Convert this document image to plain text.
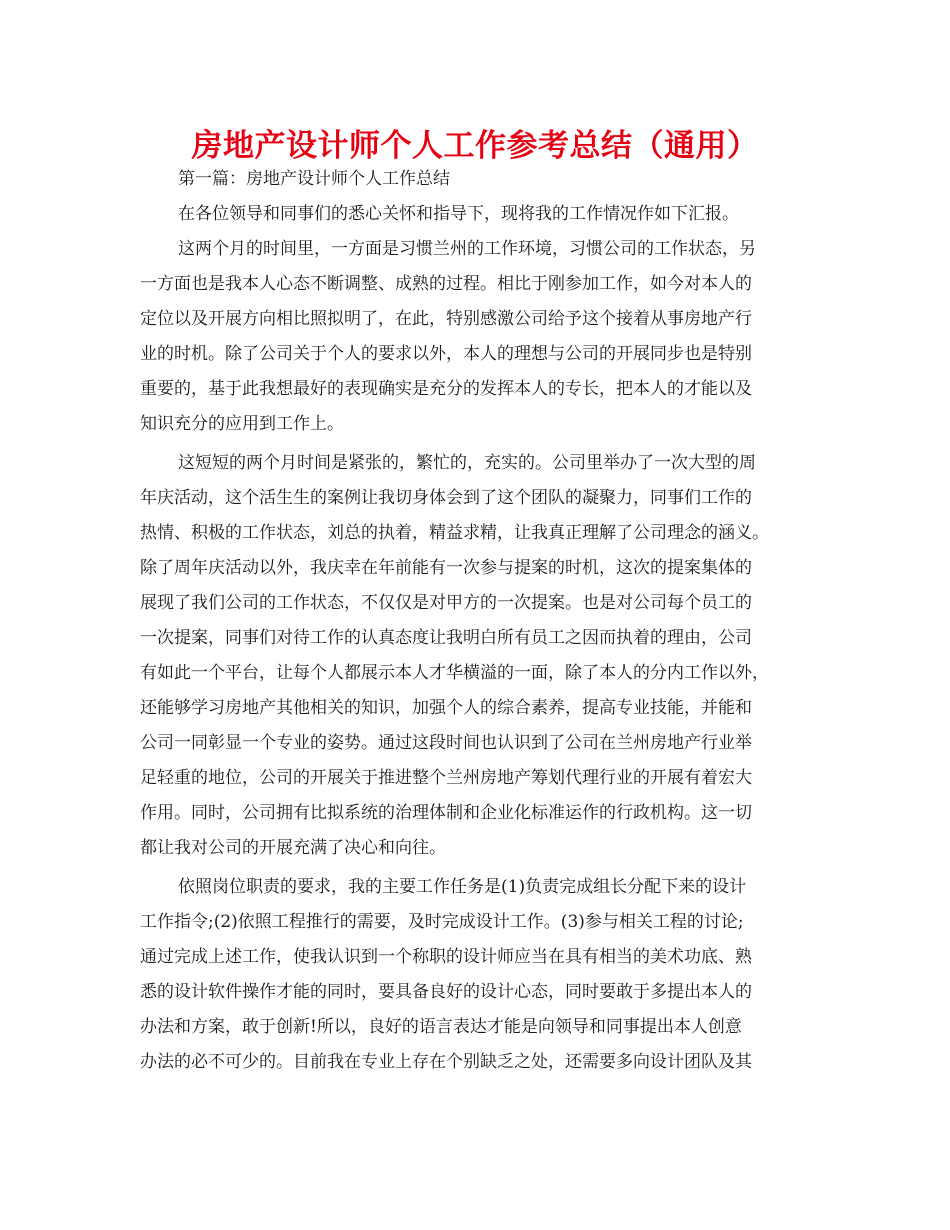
房地产设计师个人工作参考总结（通用）
第一篇：房地产设计师个人工作总结
在各位领导和同事们的悉心关怀和指导下，现将我的工作情况作如下汇报。
这两个月的时间里，一方面是习惯兰州的工作环境，习惯公司的工作状态，另
一方面也是我本人心态不断调整、成熟的过程。相比于刚参加工作，如今对本人的
定位以及开展方向相比照拟明了，在此，特别感激公司给予这个接着从事房地产行
业的时机。除了公司关于个人的要求以外，本人的理想与公司的开展同步也是特别
重要的，基于此我想最好的表现确实是充分的发挥本人的专长，把本人的才能以及
知识充分的应用到工作上。
这短短的两个月时间是紧张的，繁忙的，充实的。公司里举办了一次大型的周
年庆活动，这个活生生的案例让我切身体会到了这个团队的凝聚力，同事们工作的
热情、积极的工作状态，刘总的执着，精益求精，让我真正理解了公司理念的涵义。
除了周年庆活动以外，我庆幸在年前能有一次参与提案的时机，这次的提案集体的
展现了我们公司的工作状态，不仅仅是对甲方的一次提案。也是对公司每个员工的
一次提案，同事们对待工作的认真态度让我明白所有员工之因而执着的理由，公司
有如此一个平台，让每个人都展示本人才华横溢的一面，除了本人的分内工作以外，
还能够学习房地产其他相关的知识，加强个人的综合素养，提高专业技能，并能和
公司一同彰显一个专业的姿势。通过这段时间也认识到了公司在兰州房地产行业举
足轻重的地位，公司的开展关于推进整个兰州房地产筹划代理行业的开展有着宏大
作用。同时，公司拥有比拟系统的治理体制和企业化标准运作的行政机构。这一切
都让我对公司的开展充满了决心和向往。
依照岗位职责的要求，我的主要工作任务是(1)负责完成组长分配下来的设计
工作指令;(2)依照工程推行的需要，及时完成设计工作。(3)参与相关工程的讨论;
通过完成上述工作，使我认识到一个称职的设计师应当在具有相当的美术功底、熟
悉的设计软件操作才能的同时，要具备良好的设计心态，同时要敢于多提出本人的
办法和方案，敢于创新!所以，良好的语言表达才能是向领导和同事提出本人创意
办法的必不可少的。目前我在专业上存在个别缺乏之处，还需要多向设计团队及其
